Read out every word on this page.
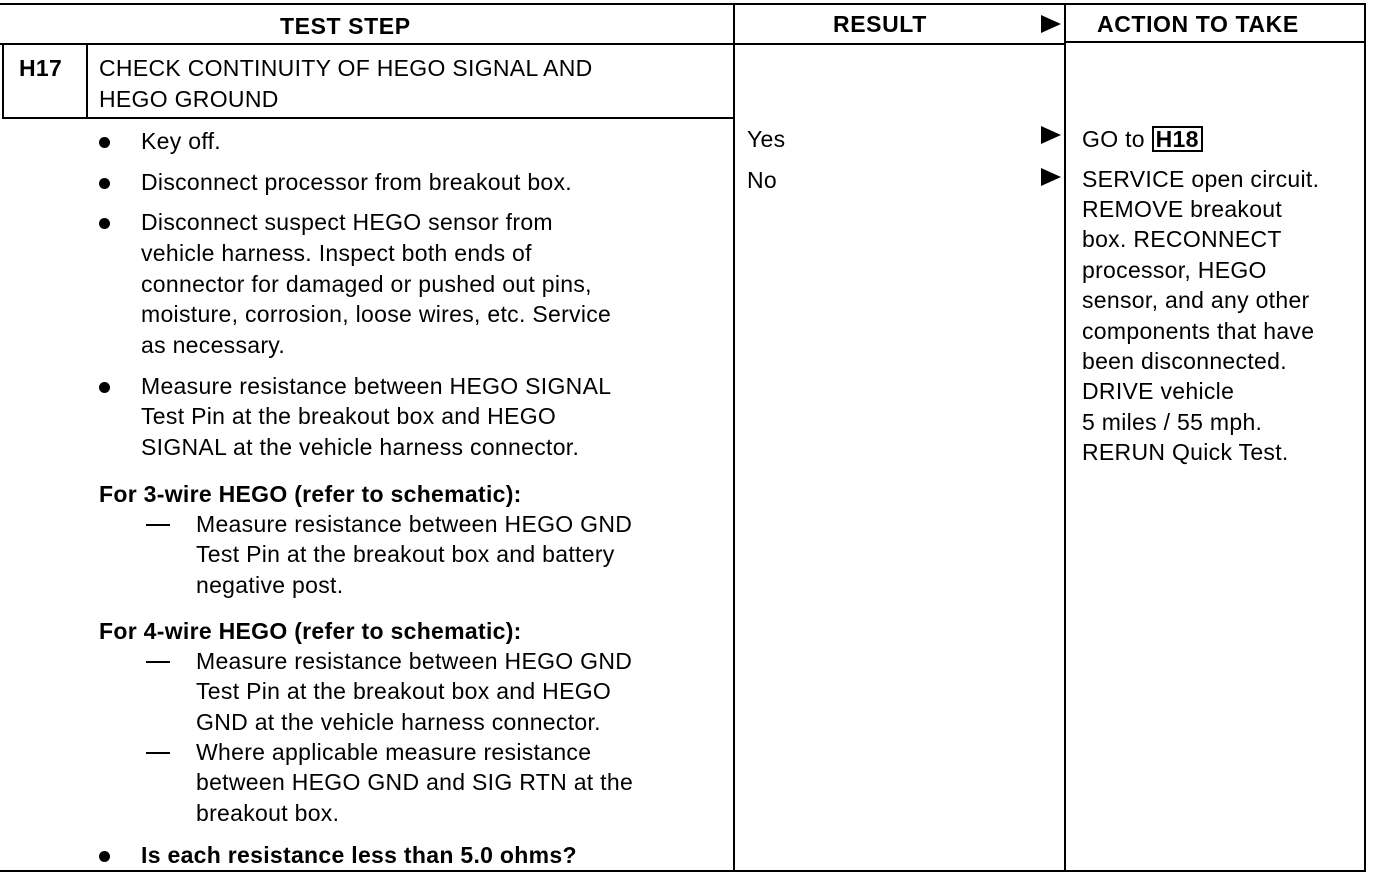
TEST STEP	RESULT	ACTION TO TAKE
H17 CHECK CONTINUITY OF HEGO SIGNAL AND
HEGO GROUND
Key off.
Disconnect processor from breakout box.
Disconnect suspect HEGO sensor from
vehicle harness. Inspect both ends of
connector for damaged or pushed out pins,
moisture, corrosion, loose wires, etc. Service
as necessary.
Measure resistance between HEGO SIGNAL
Test Pin at the breakout box and HEGO
SIGNAL at the vehicle harness connector.
For 3-wire HEGO (refer to schematic):
Measure resistance between HEGO GND
Test Pin at the breakout box and battery
negative post.
For 4-wire HEGO (refer to schematic):
Measure resistance between HEGO GND
Test Pin at the breakout box and HEGO
GND at the vehicle harness connector.
Where applicable measure resistance
between HEGO GND and SIG RTN at the
breakout box.
Is each resistance less than 5.0 ohms?
Yes
No
GO to H18
SERVICE open circuit.
REMOVE breakout
box. RECONNECT
processor, HEGO
sensor, and any other
components that have
been disconnected.
DRIVE vehicle
5 miles / 55 mph.
RERUN Quick Test.
